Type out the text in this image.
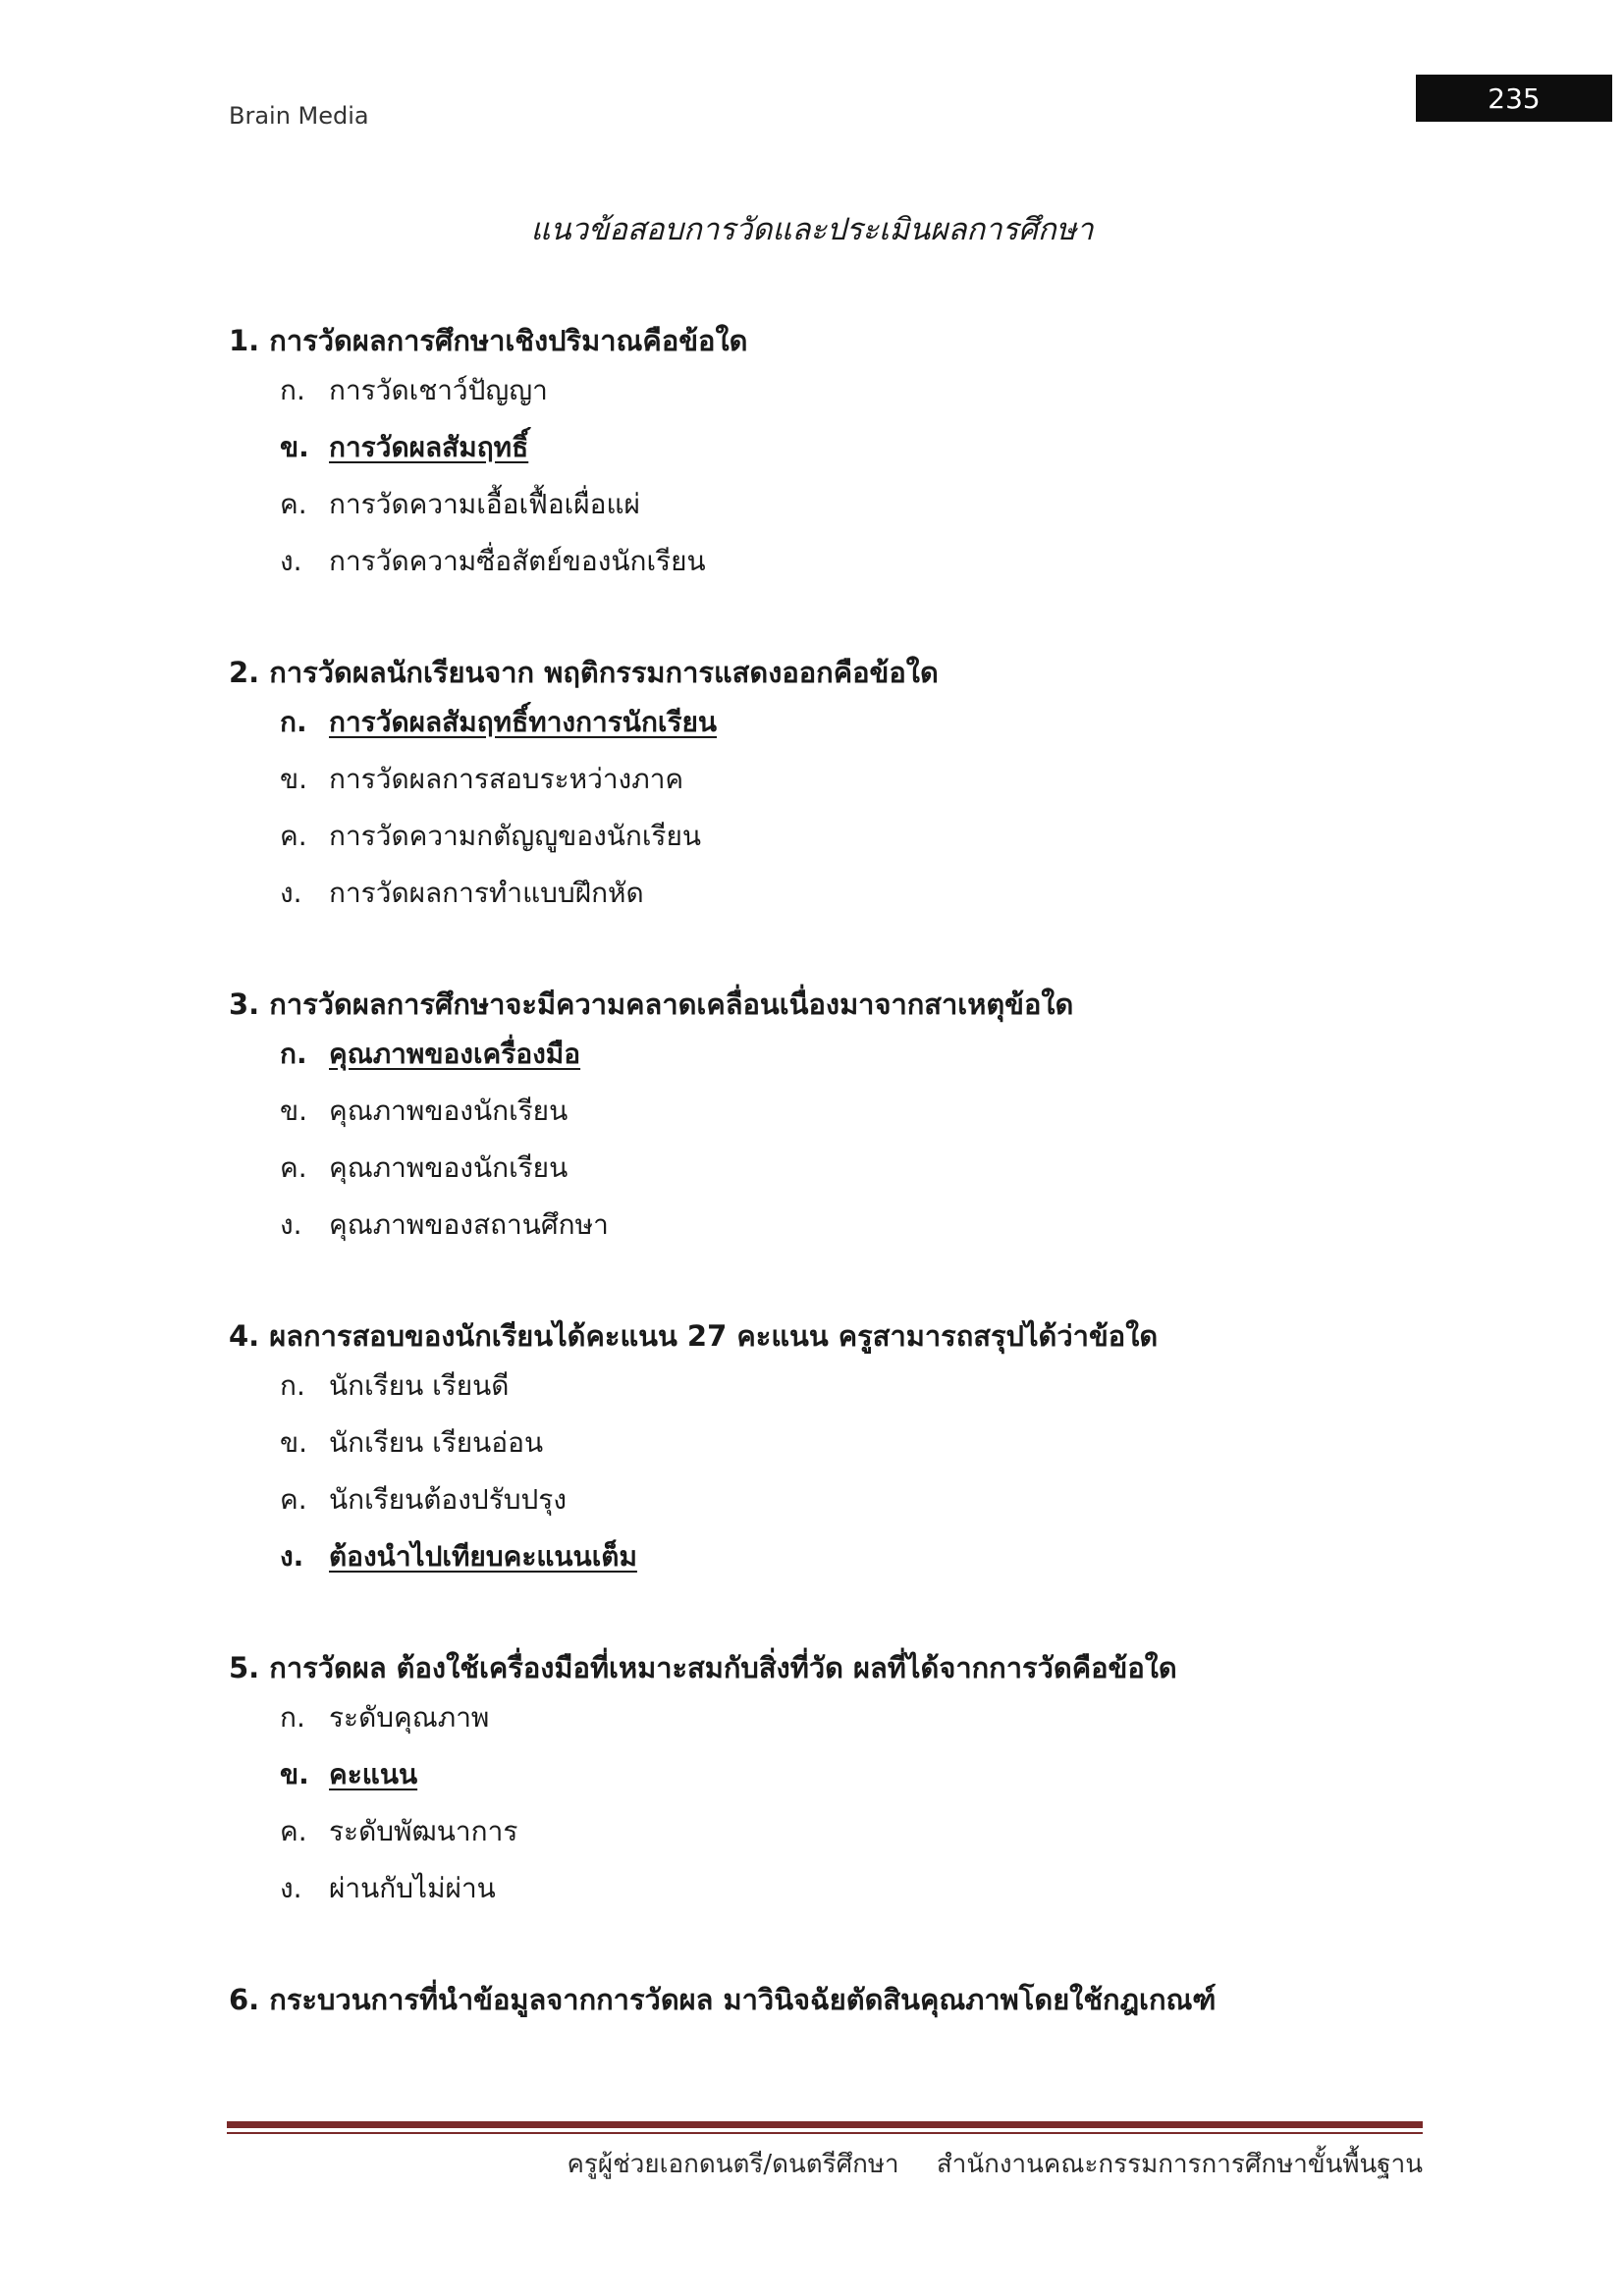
Brain Media
235
แนวข้อสอบการวัดและประเมินผลการศึกษา
1. การวัดผลการศึกษาเชิงปริมาณคือข้อใด
ก. การวัดเชาว์ปัญญา
ข. การวัดผลสัมฤทธิ์
ค. การวัดความเอื้อเฟื้อเผื่อแผ่
ง. การวัดความซื่อสัตย์ของนักเรียน
2. การวัดผลนักเรียนจาก พฤติกรรมการแสดงออกคือข้อใด
ก. การวัดผลสัมฤทธิ์ทางการนักเรียน
ข. การวัดผลการสอบระหว่างภาค
ค. การวัดความกตัญญูของนักเรียน
ง. การวัดผลการทำแบบฝึกหัด
3. การวัดผลการศึกษาจะมีความคลาดเคลื่อนเนื่องมาจากสาเหตุข้อใด
ก. คุณภาพของเครื่องมือ
ข. คุณภาพของนักเรียน
ค. คุณภาพของนักเรียน
ง. คุณภาพของสถานศึกษา
4. ผลการสอบของนักเรียนได้คะแนน 27 คะแนน ครูสามารถสรุปได้ว่าข้อใด
ก. นักเรียน เรียนดี
ข. นักเรียน เรียนอ่อน
ค. นักเรียนต้องปรับปรุง
ง. ต้องนำไปเทียบคะแนนเต็ม
5. การวัดผล ต้องใช้เครื่องมือที่เหมาะสมกับสิ่งที่วัด ผลที่ได้จากการวัดคือข้อใด
ก. ระดับคุณภาพ
ข. คะแนน
ค. ระดับพัฒนาการ
ง. ผ่านกับไม่ผ่าน
6. กระบวนการที่นำข้อมูลจากการวัดผล มาวินิจฉัยตัดสินคุณภาพโดยใช้กฎเกณฑ์
ครูผู้ช่วยเอกดนตรี/ดนตรีศึกษา สำนักงานคณะกรรมการการศึกษาขั้นพื้นฐาน
